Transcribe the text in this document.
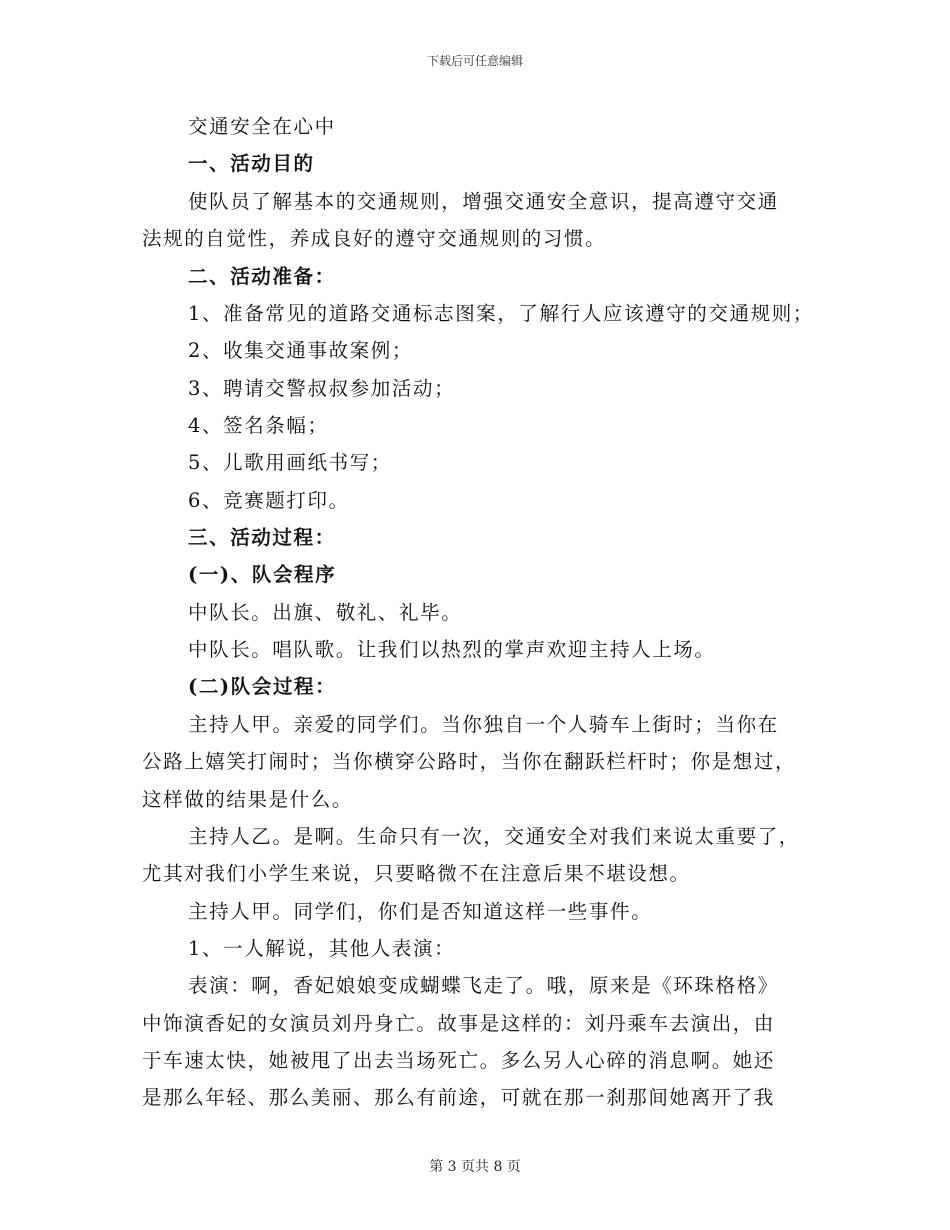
下载后可任意编辑
交通安全在心中
一、活动目的
使队员了解基本的交通规则，增强交通安全意识，提高遵守交通
法规的自觉性，养成良好的遵守交通规则的习惯。
二、活动准备：
1、准备常见的道路交通标志图案，了解行人应该遵守的交通规则；
2、收集交通事故案例；
3、聘请交警叔叔参加活动；
4、签名条幅；
5、儿歌用画纸书写；
6、竞赛题打印。
三、活动过程：
(一)、队会程序
中队长。出旗、敬礼、礼毕。
中队长。唱队歌。让我们以热烈的掌声欢迎主持人上场。
(二)队会过程：
主持人甲。亲爱的同学们。当你独自一个人骑车上街时；当你在
公路上嬉笑打闹时；当你横穿公路时，当你在翻跃栏杆时；你是想过，
这样做的结果是什么。
主持人乙。是啊。生命只有一次，交通安全对我们来说太重要了，
尤其对我们小学生来说，只要略微不在注意后果不堪设想。
主持人甲。同学们，你们是否知道这样一些事件。
1、一人解说，其他人表演：
表演：啊，香妃娘娘变成蝴蝶飞走了。哦，原来是《环珠格格》
中饰演香妃的女演员刘丹身亡。故事是这样的：刘丹乘车去演出，由
于车速太快，她被甩了出去当场死亡。多么另人心碎的消息啊。她还
是那么年轻、那么美丽、那么有前途，可就在那一刹那间她离开了我
第 3 页共 8 页
